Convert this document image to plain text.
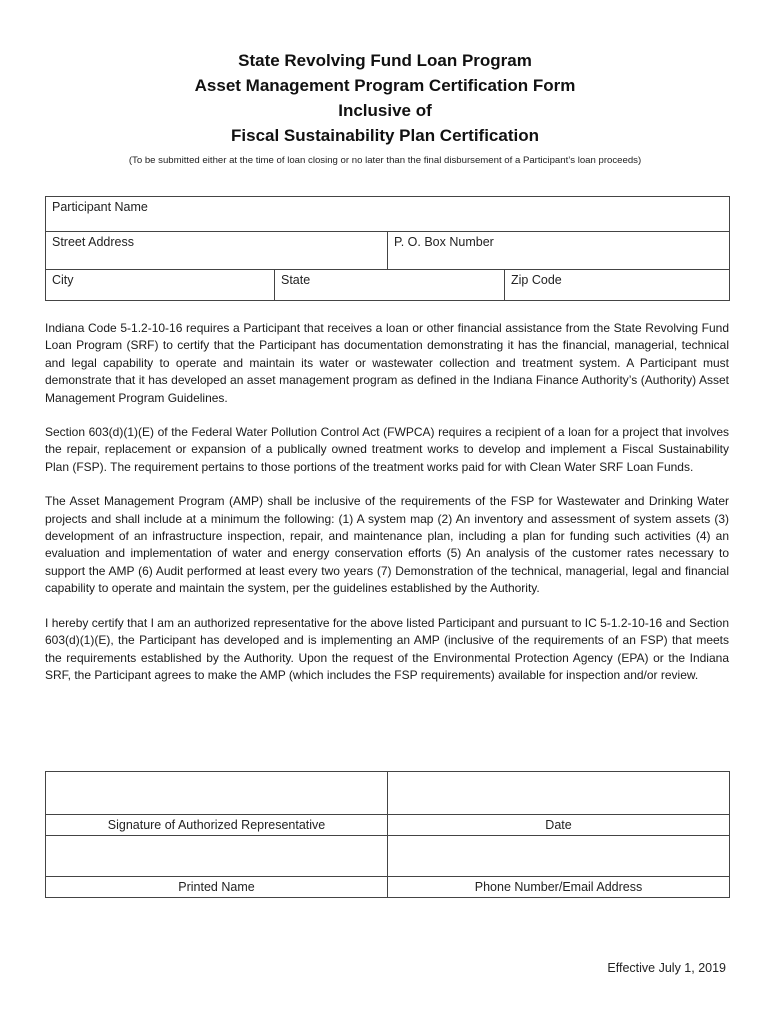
State Revolving Fund Loan Program
Asset Management Program Certification Form
Inclusive of
Fiscal Sustainability Plan Certification
(To be submitted either at the time of loan closing or no later than the final disbursement of a Participant’s loan proceeds)
Participant Name			
Street Address		P. O. Box Number	
City	State		Zip Code

Indiana Code 5-1.2-10-16 requires a Participant that receives a loan or other financial assistance from the State Revolving Fund Loan Program (SRF) to certify that the Participant has documentation demonstrating it has the financial, managerial, technical and legal capability to operate and maintain its water or wastewater collection and treatment system. A Participant must demonstrate that it has developed an asset management program as defined in the Indiana Finance Authority’s (Authority) Asset Management Program Guidelines.

Section 603(d)(1)(E) of the Federal Water Pollution Control Act (FWPCA) requires a recipient of a loan for a project that involves the repair, replacement or expansion of a publically owned treatment works to develop and implement a Fiscal Sustainability Plan (FSP). The requirement pertains to those portions of the treatment works paid for with Clean Water SRF Loan Funds.

The Asset Management Program (AMP) shall be inclusive of the requirements of the FSP for Wastewater and Drinking Water projects and shall include at a minimum the following: (1) A system map (2) An inventory and assessment of system assets (3) development of an infrastructure inspection, repair, and maintenance plan, including a plan for funding such activities (4) an evaluation and implementation of water and energy conservation efforts (5) An analysis of the customer rates necessary to support the AMP (6) Audit performed at least every two years (7) Demonstration of the technical, managerial, legal and financial capability to operate and maintain the system, per the guidelines established by the Authority.

I hereby certify that I am an authorized representative for the above listed Participant and pursuant to IC 5-1.2-10-16 and Section 603(d)(1)(E), the Participant has developed and is implementing an AMP (inclusive of the requirements of an FSP) that meets the requirements established by the Authority. Upon the request of the Environmental Protection Agency (EPA) or the Indiana SRF, the Participant agrees to make the AMP (which includes the FSP requirements) available for inspection and/or review.

Signature of Authorized Representative	Date

Printed Name	Phone Number/Email Address
Effective July 1, 2019
